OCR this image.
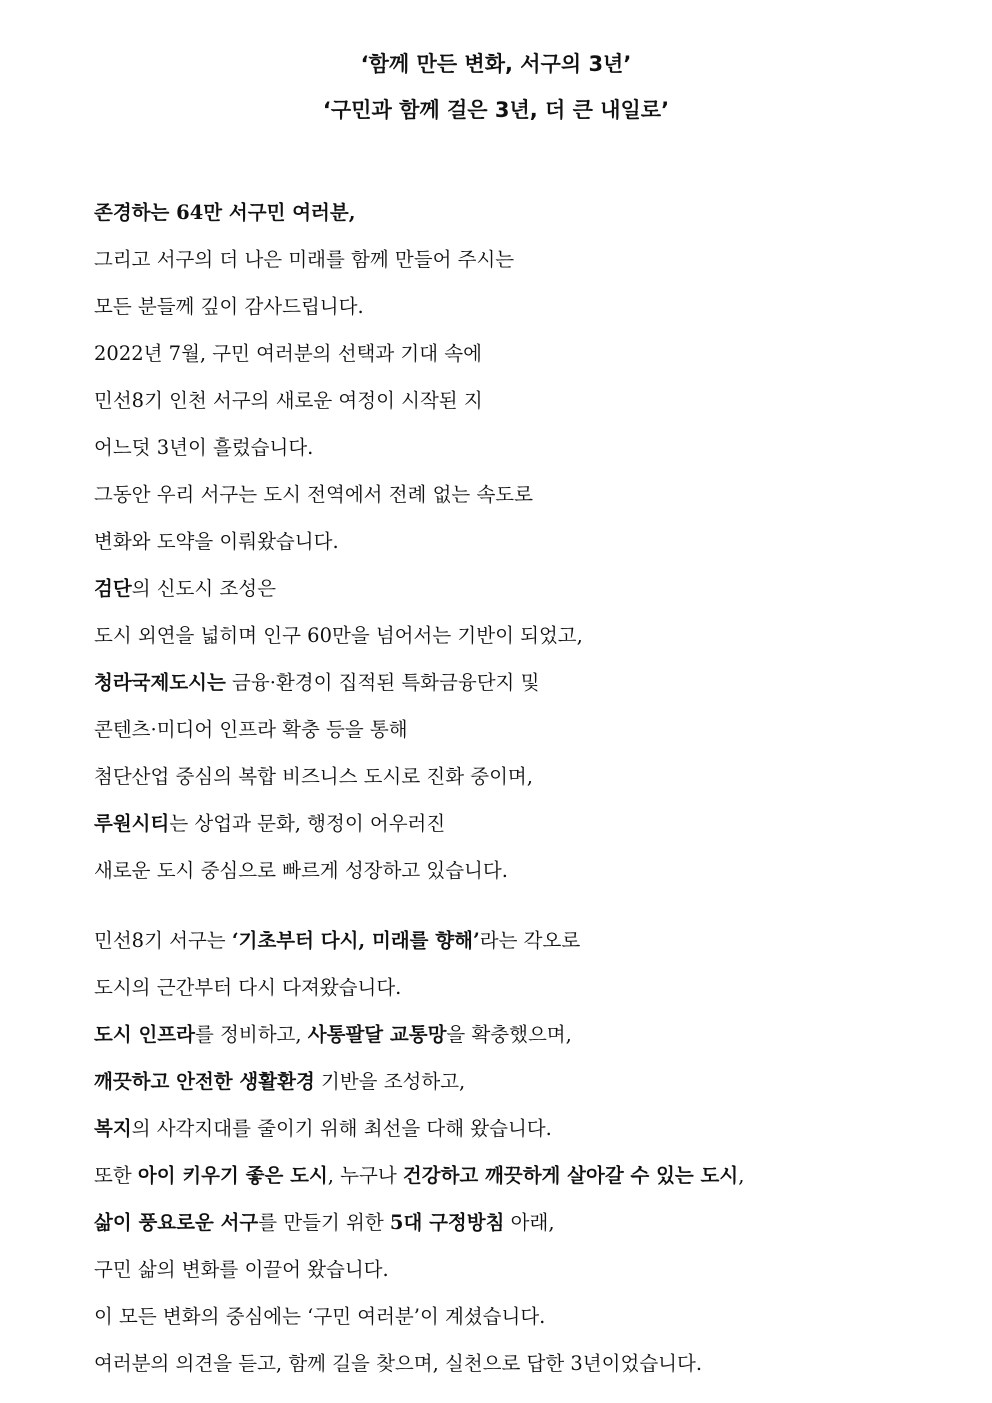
‘함께 만든 변화, 서구의 3년’
‘구민과 함께 걸은 3년, 더 큰 내일로’
존경하는 64만 서구민 여러분,
그리고 서구의 더 나은 미래를 함께 만들어 주시는
모든 분들께 깊이 감사드립니다.
2022년 7월, 구민 여러분의 선택과 기대 속에
민선8기 인천 서구의 새로운 여정이 시작된 지
어느덧 3년이 흘렀습니다.
그동안 우리 서구는 도시 전역에서 전례 없는 속도로
변화와 도약을 이뤄왔습니다.
검단의 신도시 조성은
도시 외연을 넓히며 인구 60만을 넘어서는 기반이 되었고,
청라국제도시는 금융·환경이 집적된 특화금융단지 및
콘텐츠·미디어 인프라 확충 등을 통해
첨단산업 중심의 복합 비즈니스 도시로 진화 중이며,
루원시티는 상업과 문화, 행정이 어우러진
새로운 도시 중심으로 빠르게 성장하고 있습니다.
민선8기 서구는 ‘기초부터 다시, 미래를 향해’라는 각오로
도시의 근간부터 다시 다져왔습니다.
도시 인프라를 정비하고, 사통팔달 교통망을 확충했으며,
깨끗하고 안전한 생활환경 기반을 조성하고,
복지의 사각지대를 줄이기 위해 최선을 다해 왔습니다.
또한 아이 키우기 좋은 도시, 누구나 건강하고 깨끗하게 살아갈 수 있는 도시,
삶이 풍요로운 서구를 만들기 위한 5대 구정방침 아래,
구민 삶의 변화를 이끌어 왔습니다.
이 모든 변화의 중심에는 ‘구민 여러분’이 계셨습니다.
여러분의 의견을 듣고, 함께 길을 찾으며, 실천으로 답한 3년이었습니다.
